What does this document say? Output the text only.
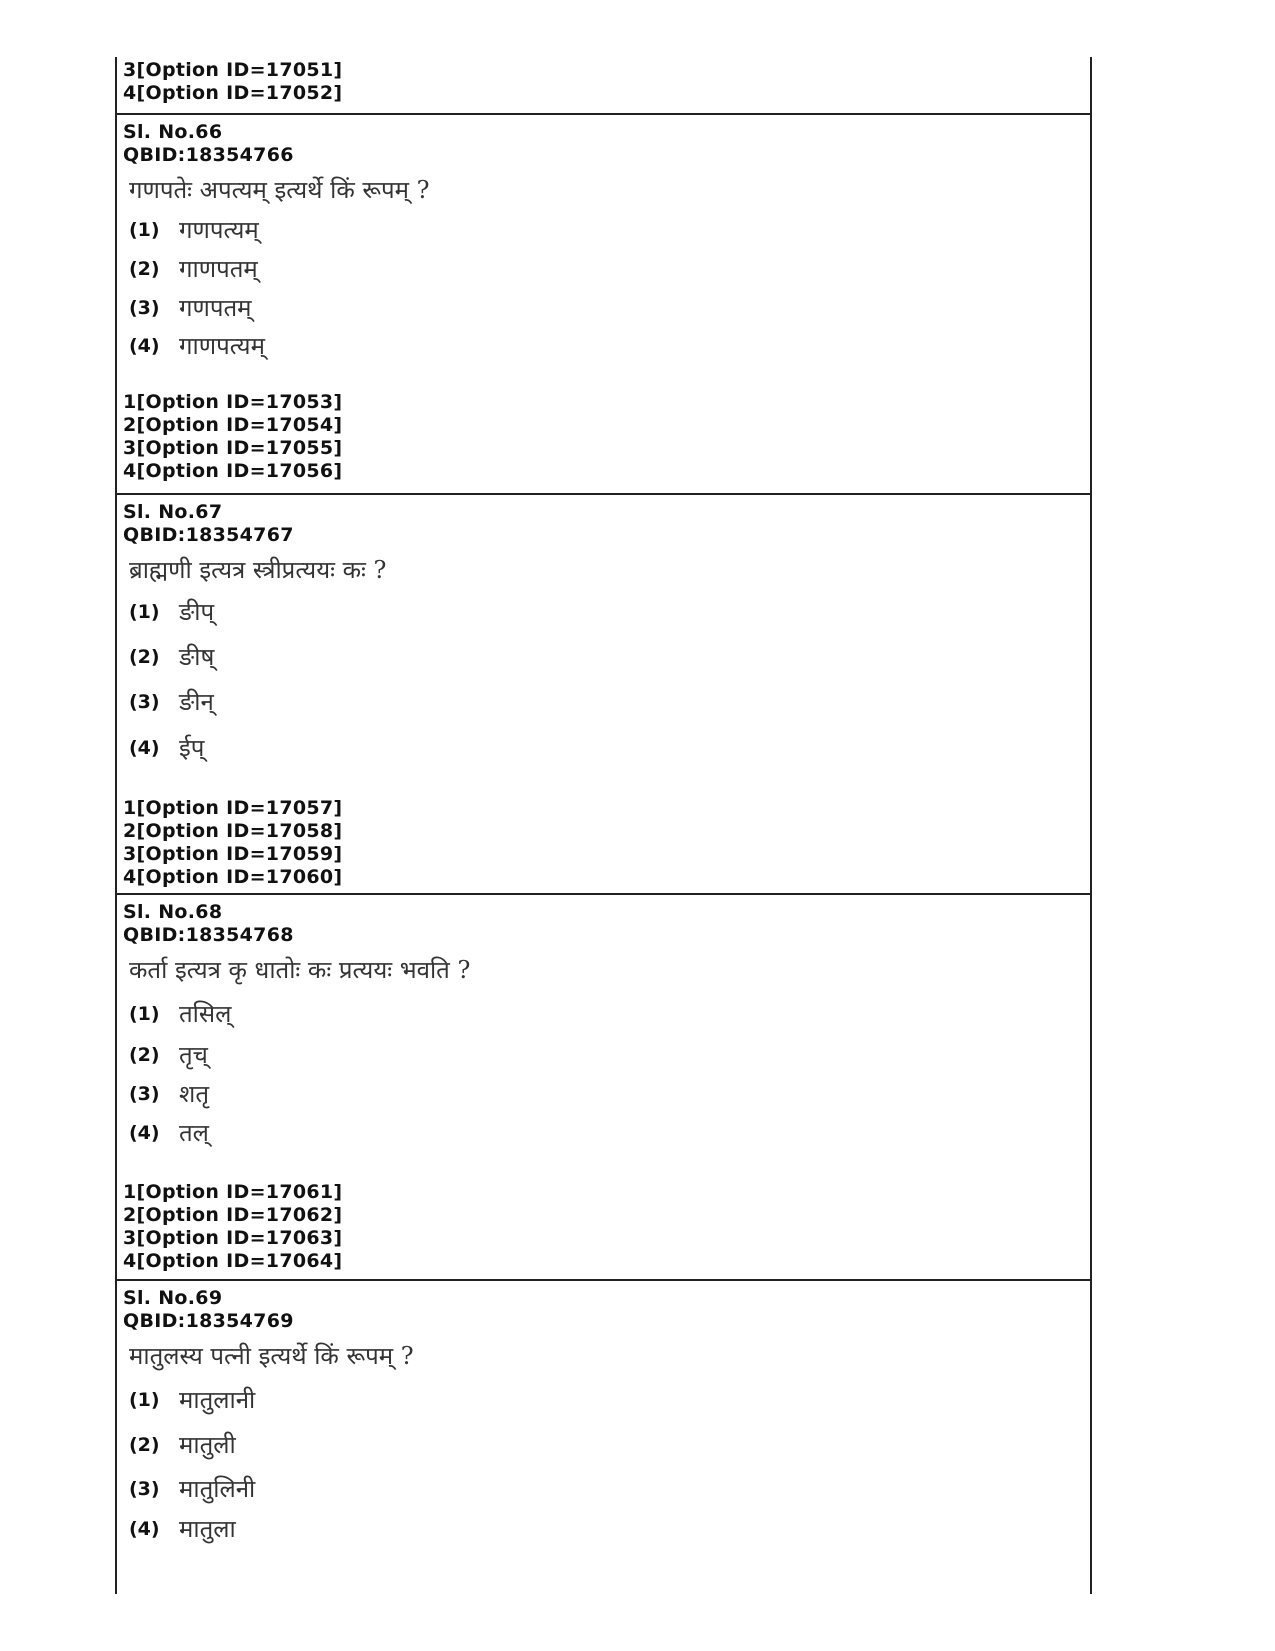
3[Option ID=17051]
4[Option ID=17052]
Sl. No.66
QBID:18354766
गणपतेः अपत्यम् इत्यर्थे किं रूपम् ?
(1) गणपत्यम्
(2) गाणपतम्
(3) गणपतम्
(4) गाणपत्यम्
1[Option ID=17053]
2[Option ID=17054]
3[Option ID=17055]
4[Option ID=17056]
Sl. No.67
QBID:18354767
ब्राह्मणी इत्यत्र स्त्रीप्रत्ययः कः ?
(1) ङीप्
(2) ङीष्
(3) ङीन्
(4) ईप्
1[Option ID=17057]
2[Option ID=17058]
3[Option ID=17059]
4[Option ID=17060]
Sl. No.68
QBID:18354768
कर्ता इत्यत्र कृ धातोः कः प्रत्ययः भवति ?
(1) तसिल्
(2) तृच्
(3) शतृ
(4) तल्
1[Option ID=17061]
2[Option ID=17062]
3[Option ID=17063]
4[Option ID=17064]
Sl. No.69
QBID:18354769
मातुलस्य पत्नी इत्यर्थे किं रूपम् ?
(1) मातुलानी
(2) मातुली
(3) मातुलिनी
(4) मातुला
